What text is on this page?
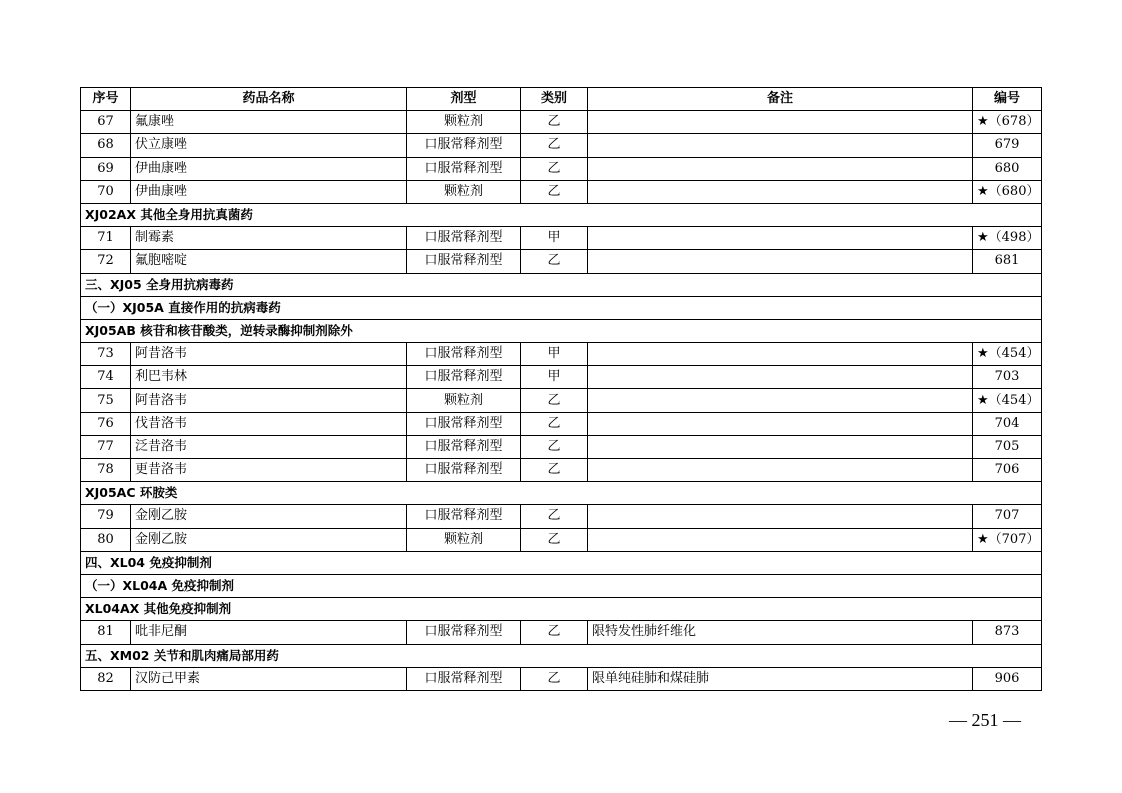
序号	药品名称	剂型	类别	备注	编号
67	氟康唑	颗粒剂	乙		★（678）
68	伏立康唑	口服常释剂型	乙		679
69	伊曲康唑	口服常释剂型	乙		680
70	伊曲康唑	颗粒剂	乙		★（680）
XJ02AX 其他全身用抗真菌药					
71	制霉素	口服常释剂型	甲		★（498）
72	氟胞嘧啶	口服常释剂型	乙		681
三、XJ05 全身用抗病毒药					
（一）XJ05A 直接作用的抗病毒药					
XJ05AB 核苷和核苷酸类，逆转录酶抑制剂除外					
73	阿昔洛韦	口服常释剂型	甲		★（454）
74	利巴韦林	口服常释剂型	甲		703
75	阿昔洛韦	颗粒剂	乙		★（454）
76	伐昔洛韦	口服常释剂型	乙		704
77	泛昔洛韦	口服常释剂型	乙		705
78	更昔洛韦	口服常释剂型	乙		706
XJ05AC 环胺类					
79	金刚乙胺	口服常释剂型	乙		707
80	金刚乙胺	颗粒剂	乙		★（707）
四、XL04 免疫抑制剂					
（一）XL04A 免疫抑制剂					
XL04AX 其他免疫抑制剂					
81	吡非尼酮	口服常释剂型	乙	限特发性肺纤维化	873
五、XM02 关节和肌肉痛局部用药					
82	汉防己甲素	口服常释剂型	乙	限单纯硅肺和煤硅肺	906
— 251 —
